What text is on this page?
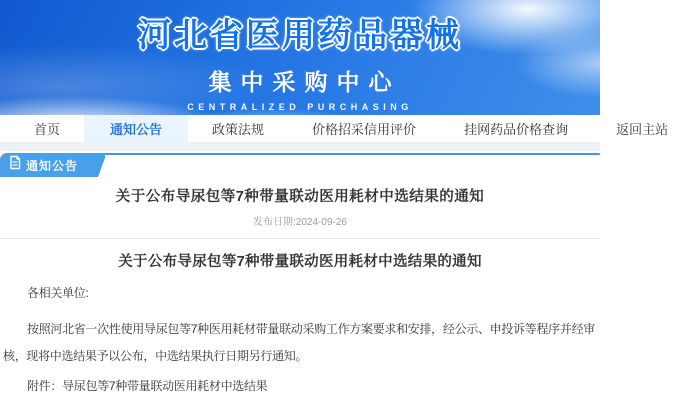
河北省医用药品器械
集中采购中心
CENTRALIZED PURCHASING
首页	通知公告	政策法规	价格招采信用评价	挂网药品价格查询	返回主站
通知公告
关于公布导尿包等7种带量联动医用耗材中选结果的通知
发布日期:2024-09-26
关于公布导尿包等7种带量联动医用耗材中选结果的通知

各相关单位:

按照河北省一次性使用导尿包等7种医用耗材带量联动采购工作方案要求和安排，经公示、申投诉等程序并经审核，现将中选结果予以公布，中选结果执行日期另行通知。

附件：导尿包等7种带量联动医用耗材中选结果
